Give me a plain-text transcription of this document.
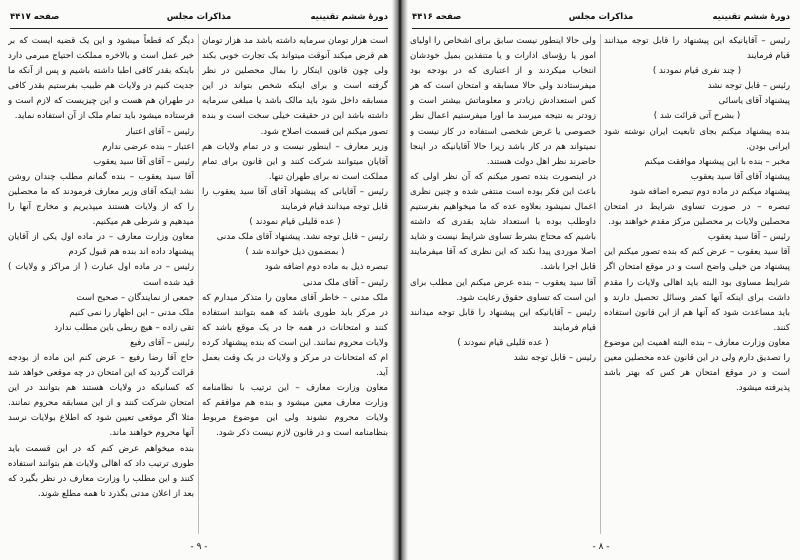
دورهٔ ششم تقنینیه
مذاکرات مجلس
صفحه ۴۴۱۷

است هزار تومان سرمایه داشته باشد مد هزار تومان هم قرض میکند آنوقت میتواند یک تجارت خوبی بکند ولی چون قانون اینکار را بمال محصلین در نظر گرفته است و برای اینکه شخص بتواند در این مسابقه داخل شود باید مالک باشد یا مبلغی سرمایه داشته باشد این در حقیقت خیلی سخت است و بنده تصور میکنم این قسمت اصلاح شود.

وزیر معارف – اینطور نیست و در تمام ولایات هم آقایان میتوانند شرکت کنند و این قانون برای تمام مملکت است نه برای طهران تنها.

رئیس – آقایانی که پیشنهاد آقای آقا سید یعقوب را قابل توجه میدانند قیام فرمایند

( عده قلیلی قیام نمودند )

رئیس – قابل توجه نشد. پیشنهاد آقای ملک مدنی

( بمضمون ذیل خوانده شد )

تبصره ذیل به ماده دوم اضافه شود

رئیس – آقای ملک مدنی

ملک مدنی – خاطر آقای معاون را متذکر میدارم که در مرکز باید طوری باشد که همه بتوانند استفاده کنند و امتحانات در همه جا در یک موقع باشد که ولایات محروم نمانند. این است که بنده پیشنهاد کرده ام که امتحانات در مرکز و ولایات در یک وقت بعمل آید.

معاون وزارت معارف – این ترتیب با نظامنامه وزارت معارف معین میشود و بنده هم موافقم که ولایات محروم نشوند ولی این موضوع مربوط بنظامنامه است و در قانون لازم نیست ذکر شود.

دیگر که قطعاً میشود و این یک قضیه ایست که بر خیر عمل است و بالاخره مملکت احتیاج مبرمی دارد باینکه بقدر کافی اطبا داشته باشیم و پس از آنکه ما جدیت کنیم در ولایات هم طبیب بفرستیم بقدر کافی در طهران هم هست و این چیزیست که لازم است و فرستاده میشود باید تمام ملک از آن استفاده نماید.

رئیس – آقای اعتبار

اعتبار – بنده عرضی ندارم

رئیس – آقای آقا سید یعقوب

آقا سید یعقوب – بنده گمانم مطلب چندان روشن نشد اینکه آقای وزیر معارف فرمودند که ما محصلین را که از ولایات هستند میپذیریم و مخارج آنها را میدهیم و شرطی هم میکنیم.

معاون وزارت معارف – در ماده اول یکی از آقایان پیشنهاد داده اند بنده هم قبول کردم

رئیس – در ماده اول عبارت ( از مراکز و ولایات ) قید شده است

جمعی از نمایندگان – صحیح است

ملک مدنی – این اظهار را نمی کنیم

تقی زاده – هیچ ربطی باین مطلب ندارد

رئیس – آقای رفیع

حاج آقا رضا رفیع – عرض کنم این ماده از بودجه قرائت گردید که این امتحان در چه موقعی خواهد شد که کسانیکه در ولایات هستند هم بتوانند در این امتحان شرکت کنند و از این مسابقه محروم نمانند. مثلا اگر موقعی تعیین شود که اطلاع بولایات نرسد آنها محروم خواهند ماند.

بنده میخواهم عرض کنم که در این قسمت باید طوری ترتیب داد که اهالی ولایات هم بتوانند استفاده کنند و این مطلب را وزارت معارف در نظر بگیرد که بعد از اعلان مدتی بگذرد تا همه مطلع شوند.

- ۹ -
دورهٔ ششم تقنینیه
مذاکرات مجلس
صفحه ۴۴۱۶

رئیس – آقایانیکه این پیشنهاد را قابل توجه میدانند قیام فرمایند

( چند نفری قیام نمودند )

رئیس – قابل توجه نشد

پیشنهاد آقای یاسائی

( بشرح آتی قرائت شد )

بنده پیشنهاد میکنم بجای تابعیت ایران نوشته شود ایرانی بودن.

مخبر – بنده با این پیشنهاد موافقت میکنم

پیشنهاد آقای آقا سید یعقوب

پیشنهاد میکنم در ماده دوم تبصره اضافه شود

تبصره – در صورت تساوی شرایط در امتحان محصلین ولایات بر محصلین مرکز مقدم خواهند بود.

رئیس – آقا سید یعقوب

آقا سید یعقوب – عرض کنم که بنده تصور میکنم این پیشنهاد من خیلی واضح است و در موقع امتحان اگر شرایط مساوی بود البته باید اهالی ولایات را مقدم داشت برای اینکه آنها کمتر وسائل تحصیل دارند و باید مساعدت شود که آنها هم از این قانون استفاده کنند.

معاون وزارت معارف – بنده البته اهمیت این موضوع را تصدیق دارم ولی در این قانون عده محصلین معین است و در موقع امتحان هر کس که بهتر باشد پذیرفته میشود.

ولی حالا اینطور نیست سابق برای اشخاص را اولیای امور یا رؤسای ادارات و یا متنفذین بمیل خودشان انتخاب میکردند و از اعتباری که در بودجه بود میفرستادند ولی حالا مسابقه و امتحان است که هر کس استعدادش زیادتر و معلوماتش بیشتر است و زودتر به نتیجه میرسد ما اورا میفرستیم اعمال نظر خصوصی یا غرض شخصی استفاده در کار نیست و نمیتواند هم در کار باشد زیرا حالا آقایانیکه در اینجا حاضرند نظر اهل دولت هستند.

در اینصورت بنده تصور میکنم که آن نظر اولی که باعث این فکر بوده است منتفی شده و چنین نظری اعمال نمیشود بعلاوه عده که ما میخواهیم بفرستیم داوطلب بوده با استعداد شاید بقدری که داشته باشیم که محتاج بشرط تساوی شرایط نیست و شاید اصلا موردی پیدا نکند که این نظری که آقا میفرمایند قابل اجرا باشد.

آقا سید یعقوب – بنده عرض میکنم این مطلب برای این است که تساوی حقوق رعایت شود.

رئیس – آقایانیکه این پیشنهاد را قابل توجه میدانند قیام فرمایند

( عده قلیلی قیام نمودند )

رئیس – قابل توجه نشد

- ۸ -
